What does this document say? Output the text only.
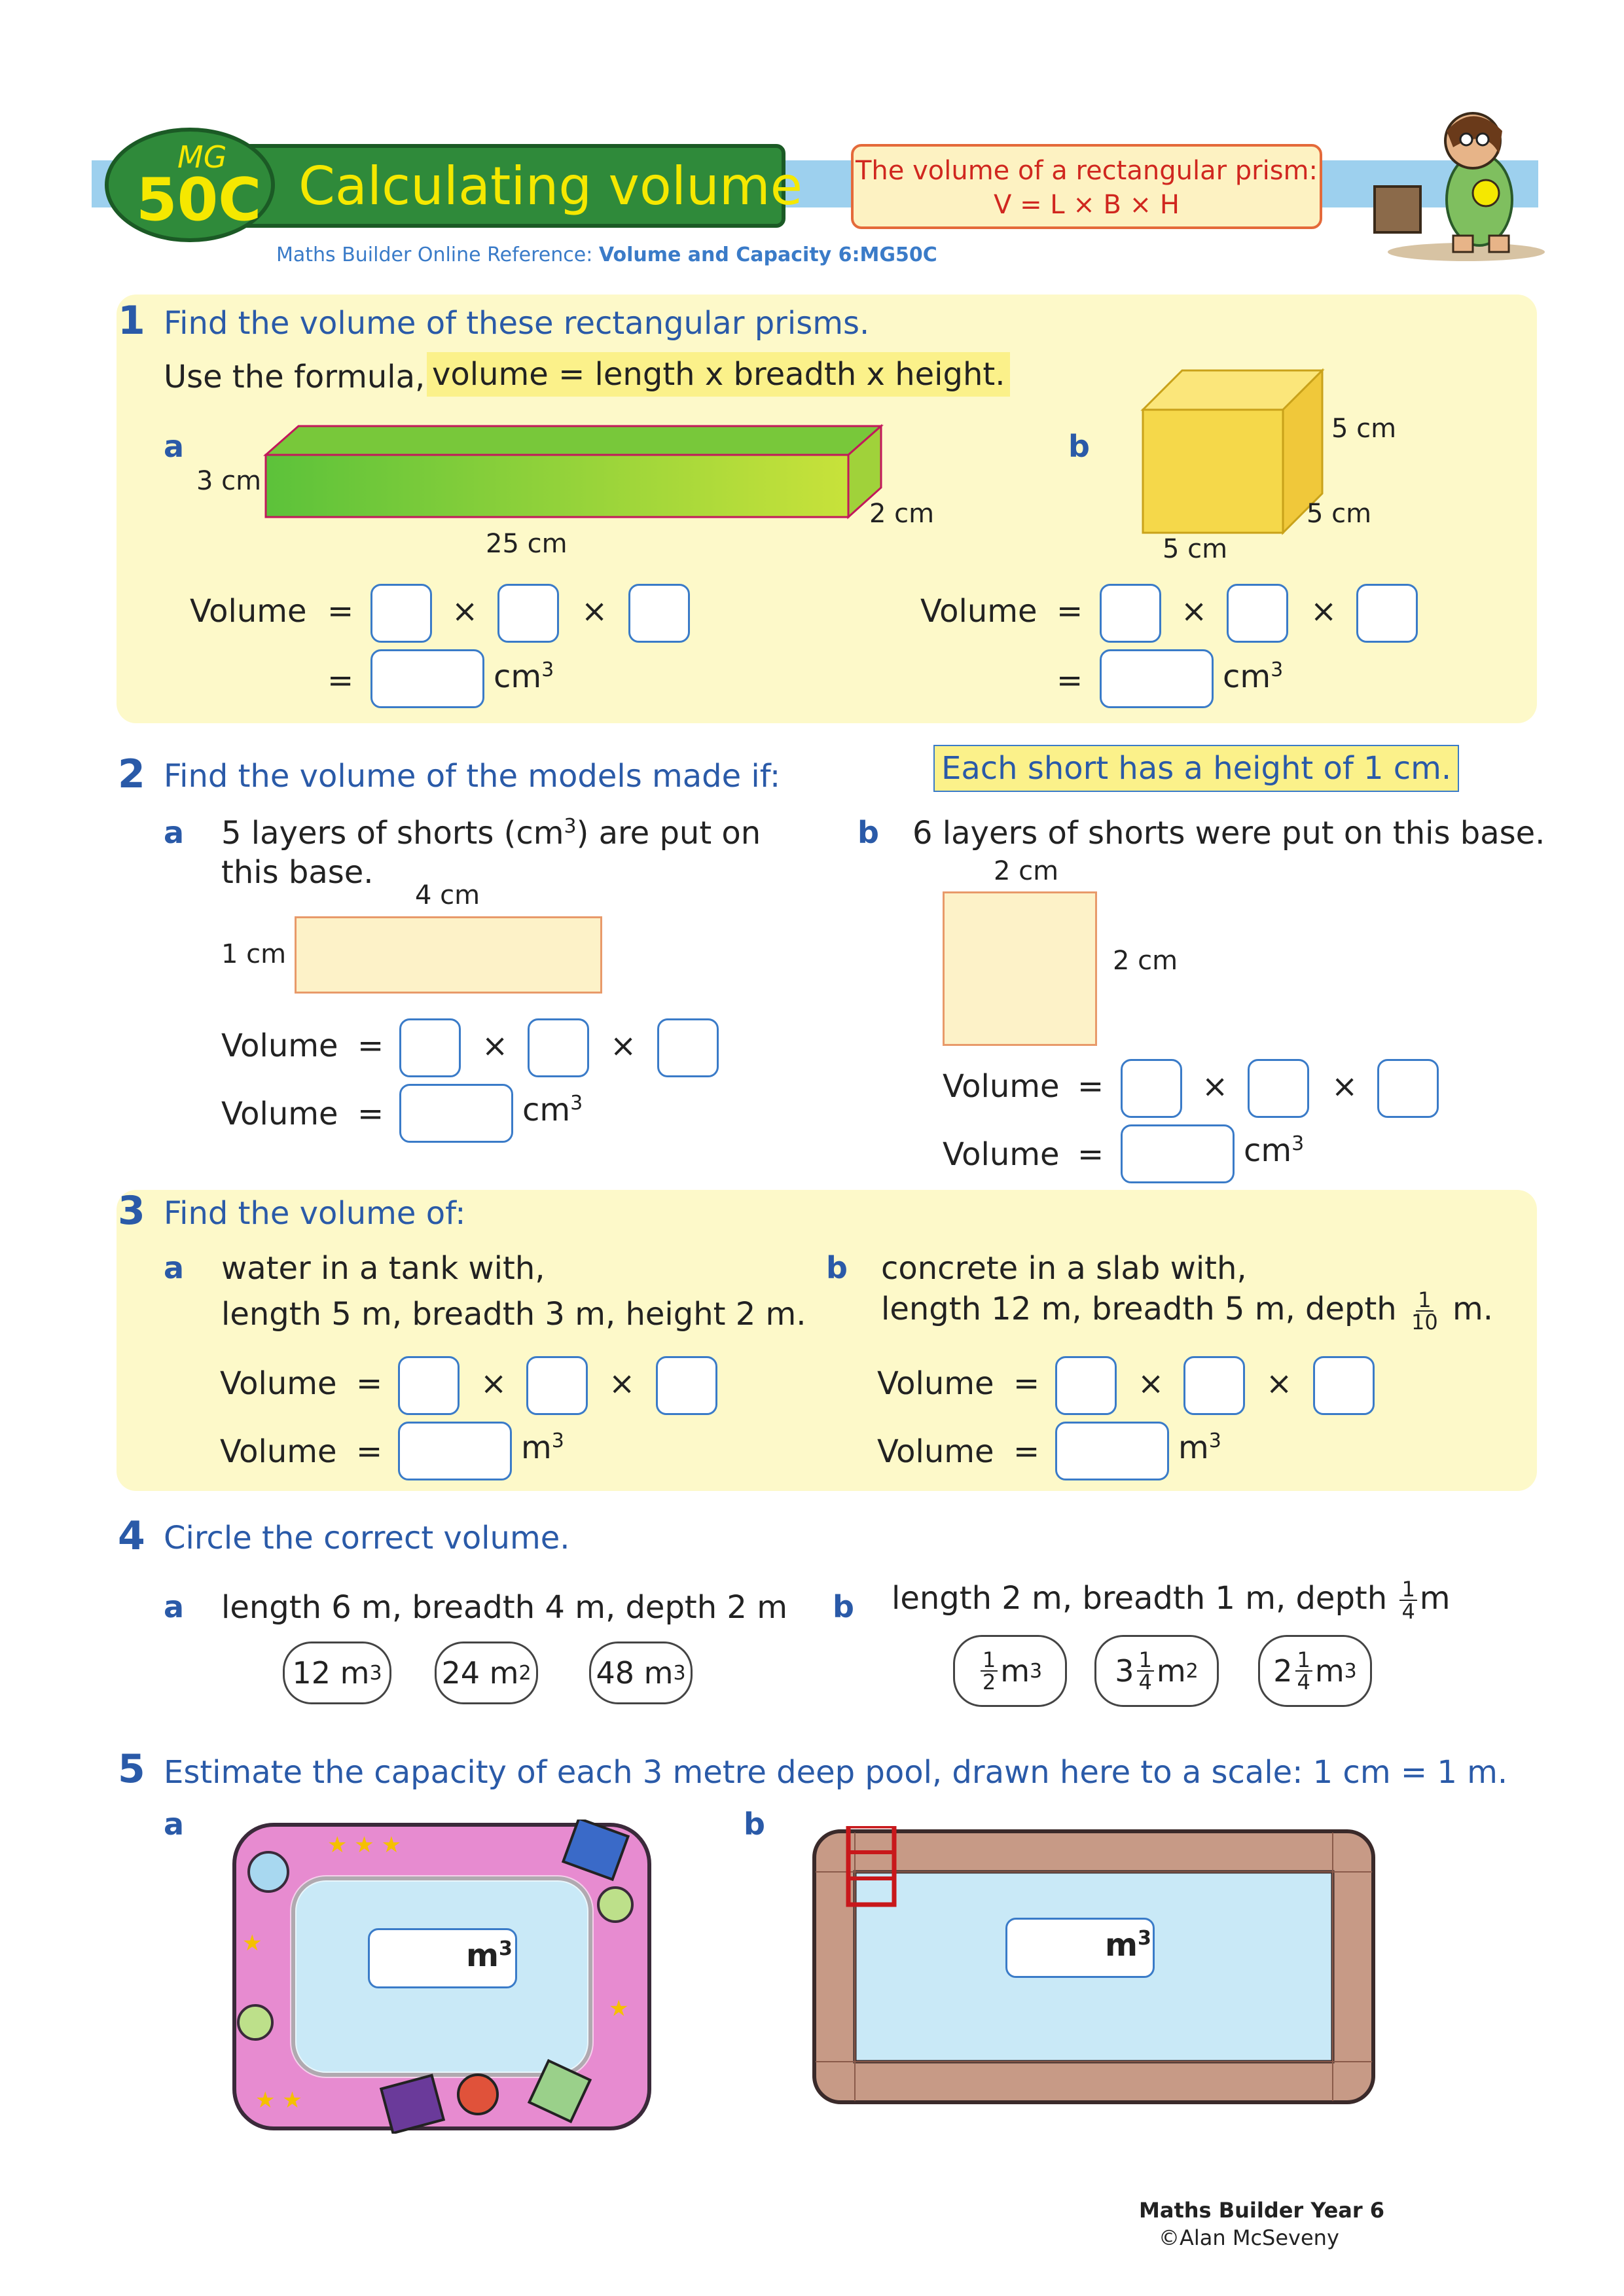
Calculating volume
MG
50C	The volume of a rectangular prism:
V = L × B × H
Maths Builder Online Reference: Volume and Capacity 6:MG50C
1 Find the volume of these rectangular prisms.
Use the formula, volume = length x breadth x height.
a
3 cm
25 cm
2 cm
b	5 cm
5 cm
5 cm
Volume =	×	×
=	$cm^3$
Volume =	×	×
=	$cm^3$
2 Find the volume of the models made if:	Each short has a height of 1 cm.
a 5 layers of shorts $(cm^3)$ are put on
this base.
4 cm
1 cm
Volume =	×	×
Volume =	$cm^3$
b 6 layers of shorts were put on this base.
2 cm
2 cm
Volume =	×	×
Volume =	$cm^3$
3 Find the volume of:
a water in a tank with,
length 5 m, breadth 3 m, height 2 m.
Volume =	×	×
Volume =	$m^3$
b concrete in a slab with,
length 12 m, breadth 5 m, depth $\frac{1}{10} m$.
Volume =	×	×
Volume =	$m^3$
4 Circle the correct volume.
a length 6 m, breadth 4 m, depth 2 m
12 m 3 24 m 2 48 m 3
b length 2 m, breadth 1 m, depth $\frac{1}{4}$ m
$\frac{1}{2}$ m 3 $3 \frac{1}{4}$ m 2 $2 \frac{1}{4}$ m 3
5 Estimate the capacity of each 3 metre deep pool, drawn here to a scale: 1 cm = 1 m.
a
★ ★ ★
★ ★
★
★	$m^3$
b
$m^3$
Maths Builder Year 6
©Alan McSeveny
